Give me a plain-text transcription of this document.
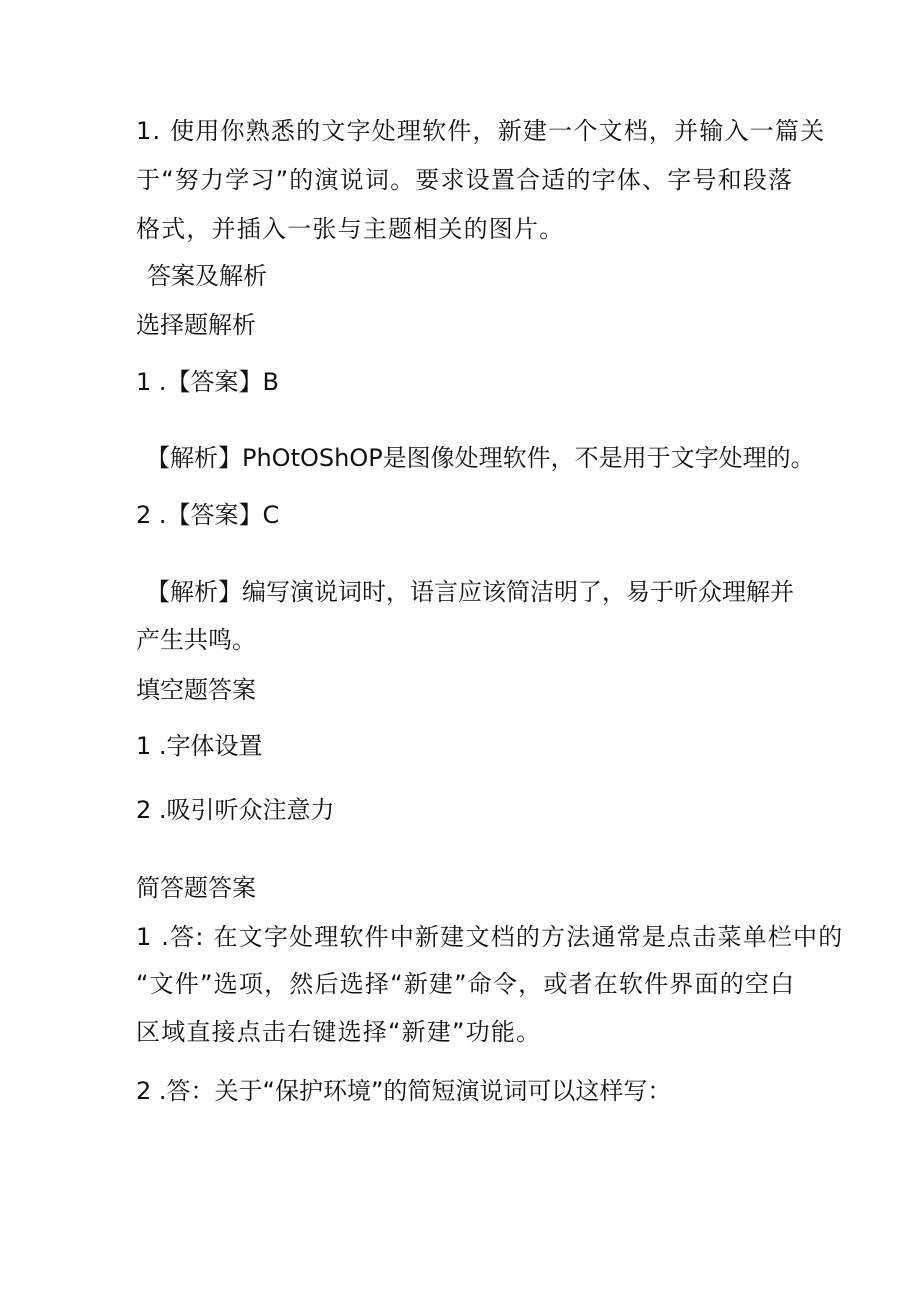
1. 使用你熟悉的文字处理软件，新建一个文档，并输入一篇关
于“努力学习”的演说词。要求设置合适的字体、字号和段落
格式，并插入一张与主题相关的图片。
答案及解析
选择题解析
1 .【答案】B
【解析】PhOtOShOP是图像处理软件，不是用于文字处理的。
2 .【答案】C
【解析】编写演说词时，语言应该简洁明了，易于听众理解并
产生共鸣。
填空题答案
1 .字体设置
2 .吸引听众注意力
简答题答案
1 .答: 在文字处理软件中新建文档的方法通常是点击菜单栏中的
“文件”选项，然后选择“新建”命令，或者在软件界面的空白
区域直接点击右键选择“新建”功能。
2 .答：关于“保护环境”的简短演说词可以这样写：
